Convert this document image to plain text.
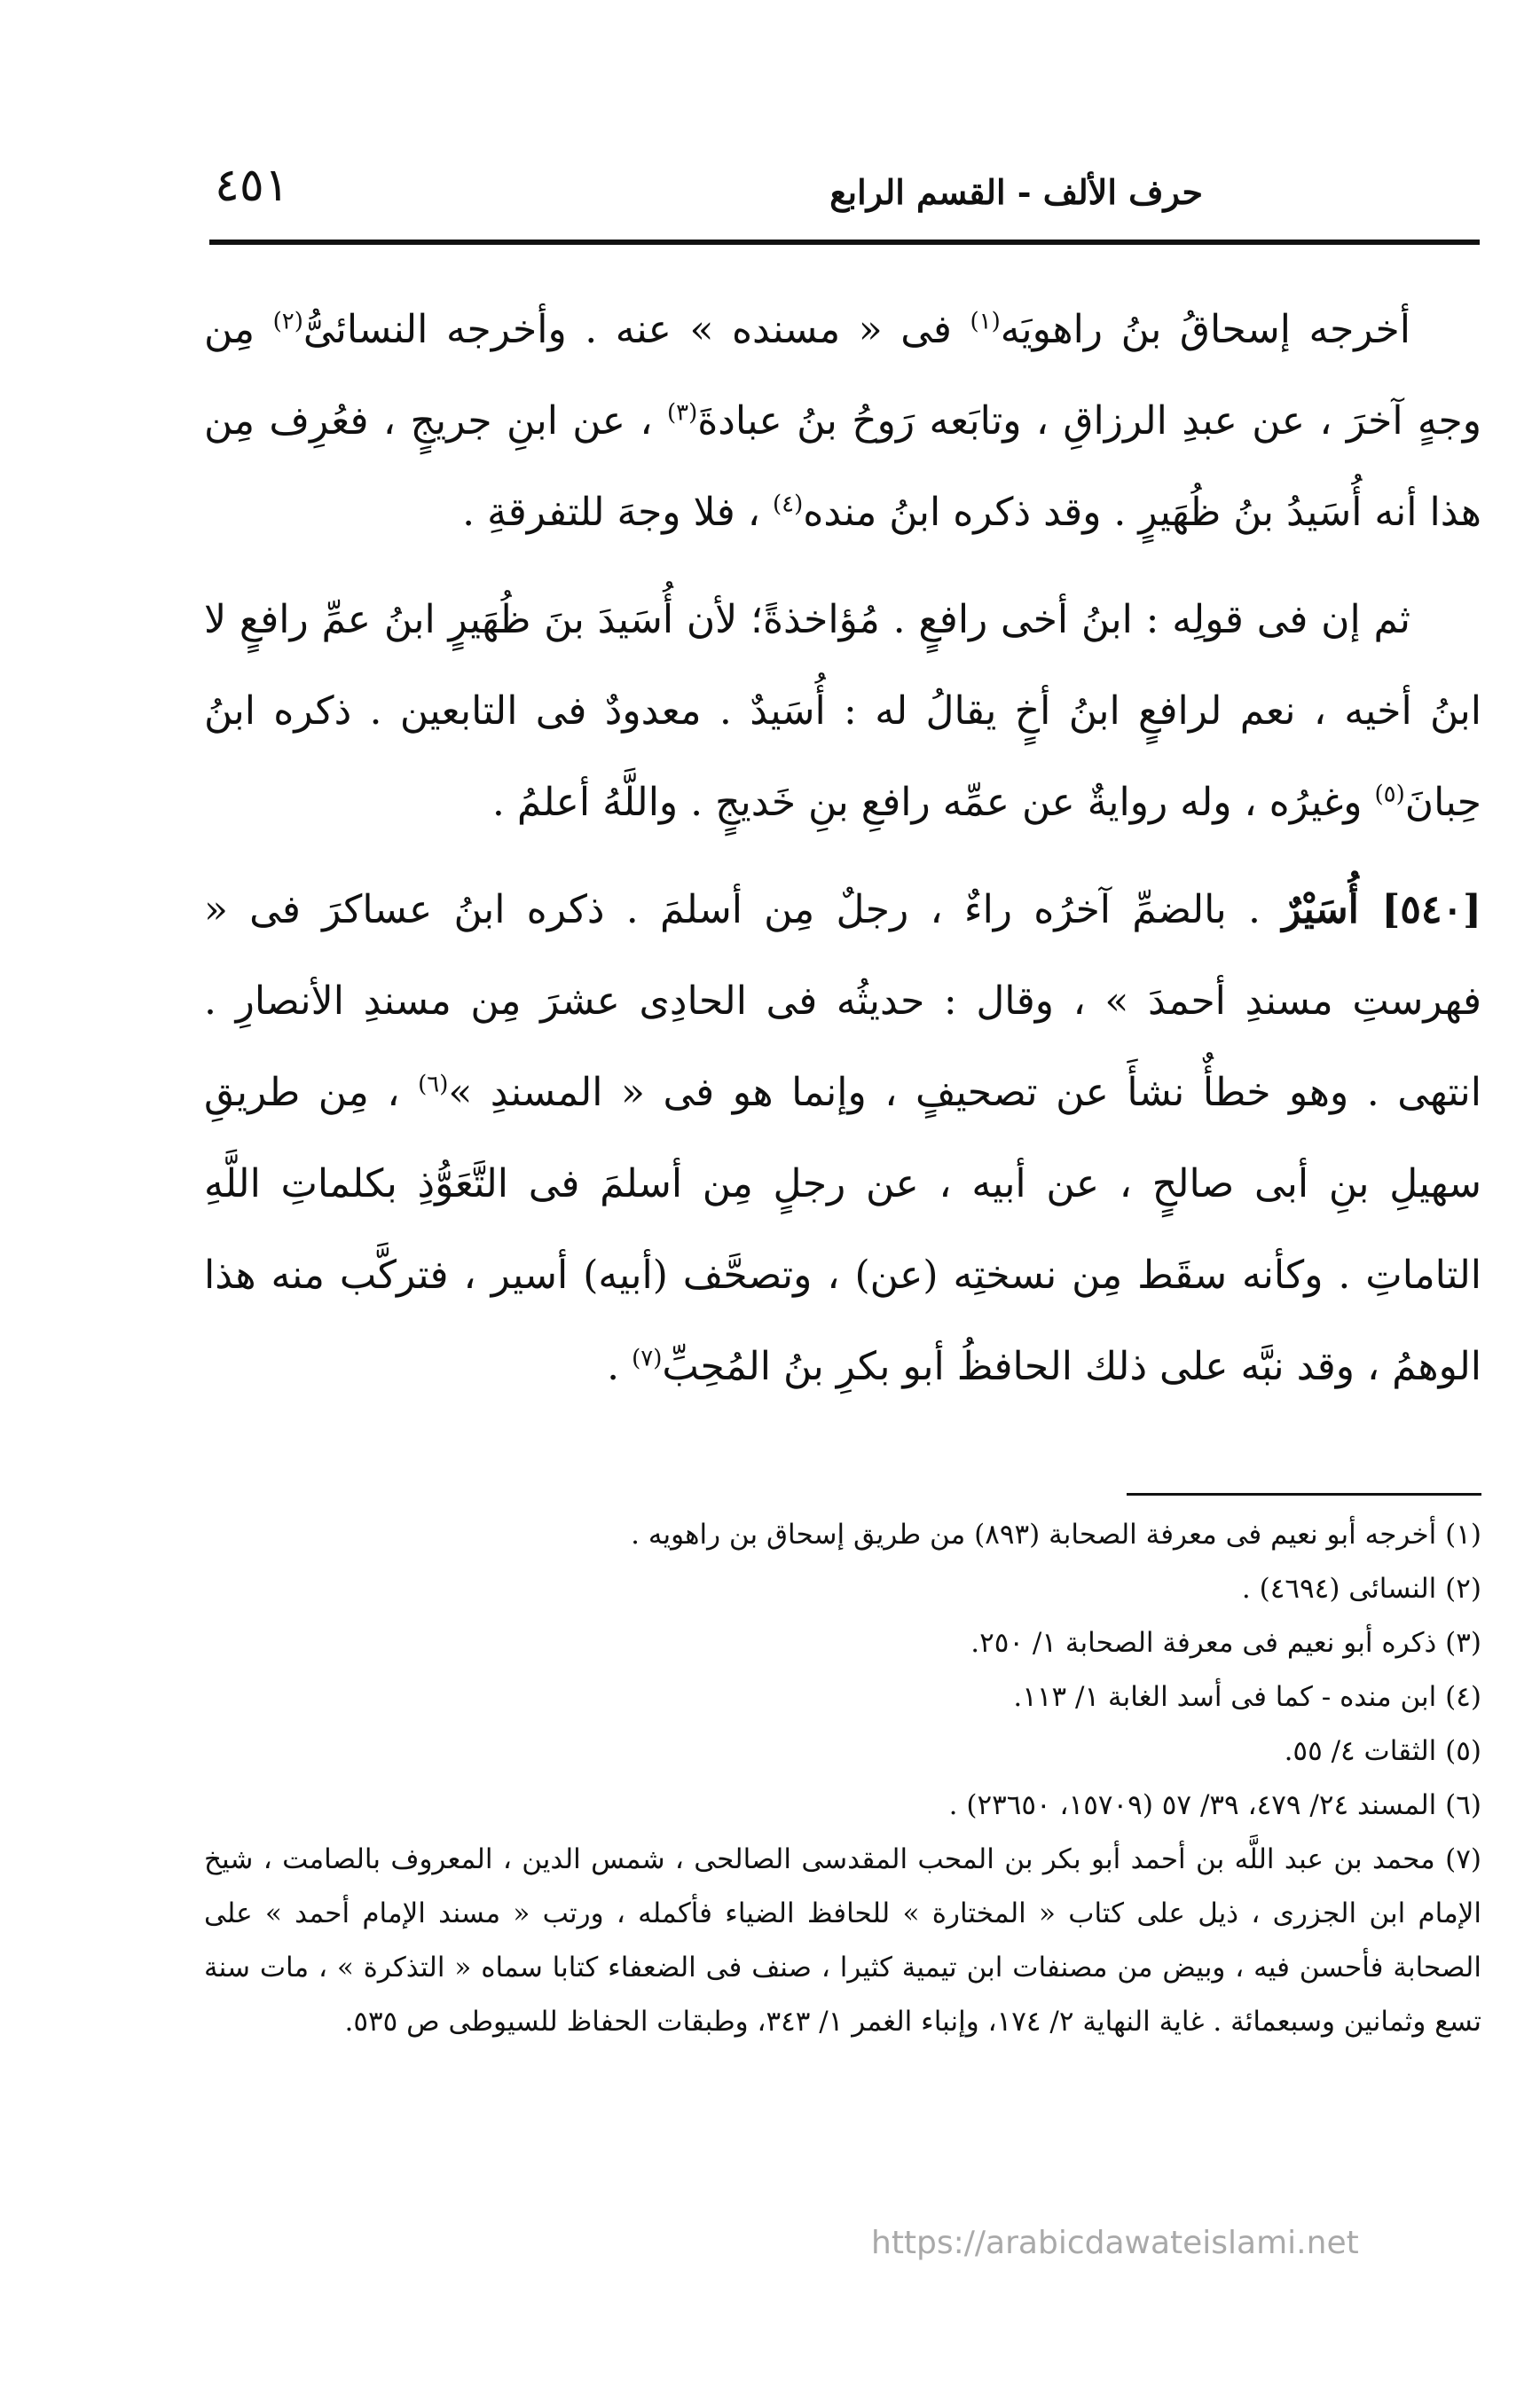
٤٥١	حرف الألف - القسم الرابع

أخرجه إسحاقُ بنُ راهويَه$^{(١)}$ فى « مسنده » عنه . وأخرجه النسائىُّ$^{(٢)}$ مِن وجهٍ آخرَ ، عن عبدِ الرزاقِ ، وتابَعه رَوحُ بنُ عبادةَ$^{(٣)}$ ، عن ابنِ جريجٍ ، فعُرِف مِن هذا أنه أُسَيدُ بنُ ظُهَيرٍ . وقد ذكره ابنُ منده$^{(٤)}$ ، فلا وجهَ للتفرقةِ .

ثم إن فى قولِه : ابنُ أخى رافعٍ . مُؤاخذةً؛ لأن أُسَيدَ بنَ ظُهَيرٍ ابنُ عمِّ رافعٍ لا ابنُ أخيه ، نعم لرافعٍ ابنُ أخٍ يقالُ له : أُسَيدٌ . معدودٌ فى التابعين . ذكره ابنُ حِبانَ$^{(٥)}$ وغيرُه ، وله روايةٌ عن عمِّه رافعِ بنِ خَديجٍ . واللَّهُ أعلمُ .

[٥٤٠] أُسَيْرٌ . بالضمِّ آخرُه راءٌ ، رجلٌ مِن أسلمَ . ذكره ابنُ عساكرَ فى « فهرستِ مسندِ أحمدَ » ، وقال : حديثُه فى الحادِى عشرَ مِن مسندِ الأنصارِ . انتهى . وهو خطأٌ نشأَ عن تصحيفٍ ، وإنما هو فى « المسندِ »$^{(٦)}$ ، مِن طريقِ سهيلِ بنِ أبى صالحٍ ، عن أبيه ، عن رجلٍ مِن أسلمَ فى التَّعَوُّذِ بكلماتِ اللَّهِ التاماتِ . وكأنه سقَط مِن نسختِه (عن) ، وتصحَّف (أبيه) أسير ، فتركَّب منه هذا الوهمُ ، وقد نبَّه على ذلك الحافظُ أبو بكرِ بنُ المُحِبِّ$^{(٧)}$ .

(١) أخرجه أبو نعيم فى معرفة الصحابة (٨٩٣) من طريق إسحاق بن راهويه .

(٢) النسائى (٤٦٩٤) .

(٣) ذكره أبو نعيم فى معرفة الصحابة ١/ ٢٥٠.

(٤) ابن منده - كما فى أسد الغابة ١/ ١١٣.

(٥) الثقات ٤/ ٥٥.

(٦) المسند ٢٤/ ٤٧٩، ٣٩/ ٥٧ (١٥٧٠٩، ٢٣٦٥٠) .

(٧) محمد بن عبد اللَّه بن أحمد أبو بكر بن المحب المقدسى الصالحى ، شمس الدين ، المعروف بالصامت ، شيخ الإمام ابن الجزرى ، ذيل على كتاب « المختارة » للحافظ الضياء فأكمله ، ورتب « مسند الإمام أحمد » على الصحابة فأحسن فيه ، وبيض من مصنفات ابن تيمية كثيرا ، صنف فى الضعفاء كتابا سماه « التذكرة » ، مات سنة تسع وثمانين وسبعمائة . غاية النهاية ٢/ ١٧٤، وإنباء الغمر ١/ ٣٤٣، وطبقات الحفاظ للسيوطى ص ٥٣٥.

https://arabicdawateislami.net
